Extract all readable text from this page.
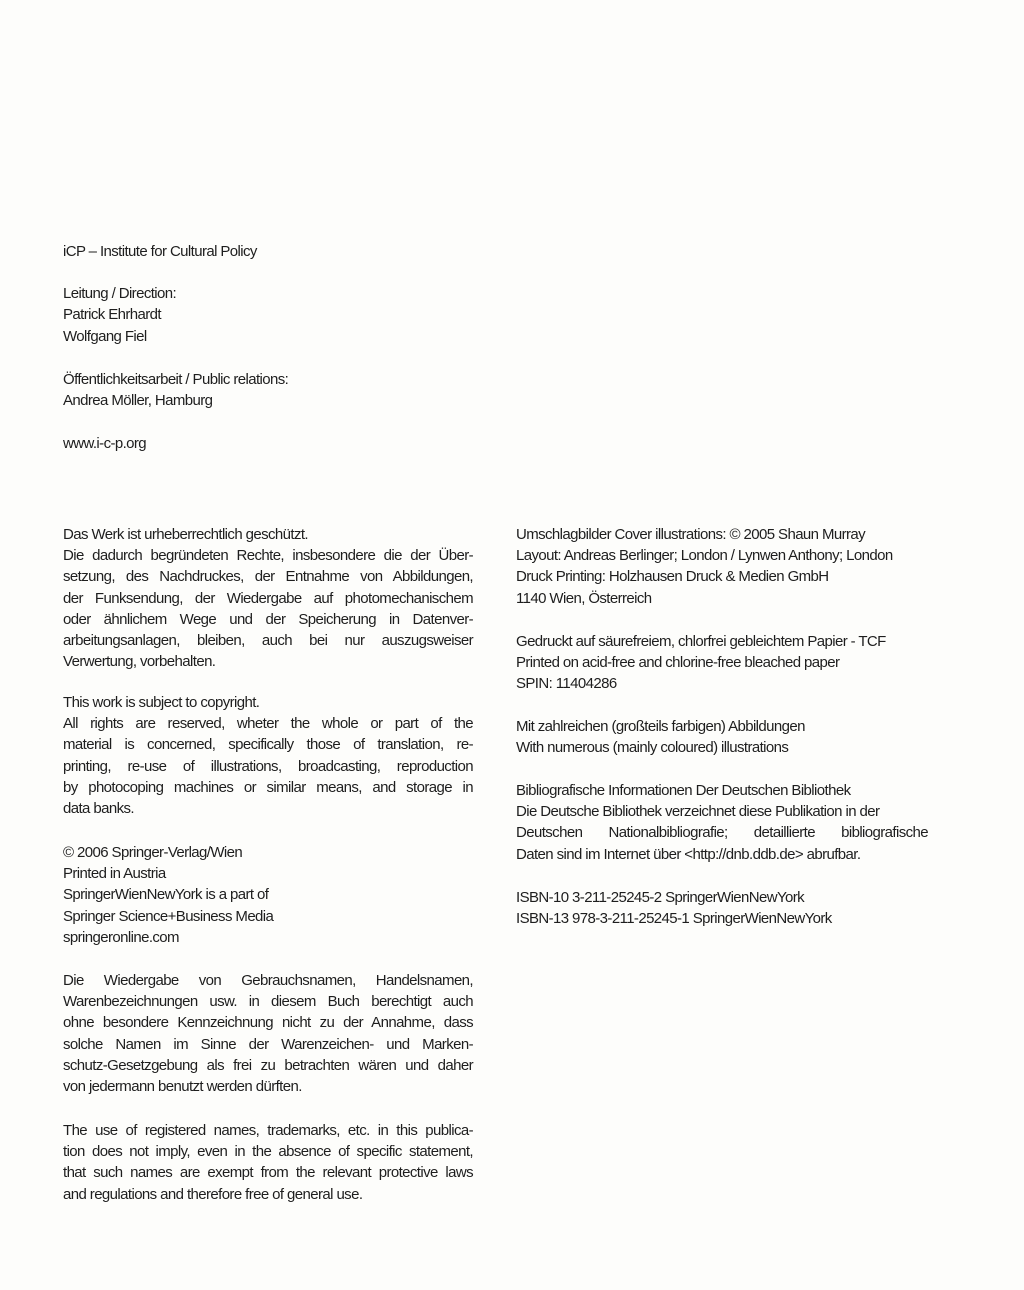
iCP – Institute for Cultural Policy
Leitung / Direction:
Patrick Ehrhardt
Wolfgang Fiel
Öffentlichkeitsarbeit / Public relations:
Andrea Möller, Hamburg
www.i-c-p.org
Das Werk ist urheberrechtlich geschützt.
Die dadurch begründeten Rechte, insbesondere die der Über-
setzung, des Nachdruckes, der Entnahme von Abbildungen,
der Funksendung, der Wiedergabe auf photomechanischem
oder ähnlichem Wege und der Speicherung in Datenver-
arbeitungsanlagen, bleiben, auch bei nur auszugsweiser
Verwertung, vorbehalten.
This work is subject to copyright.
All rights are reserved, wheter the whole or part of the
material is concerned, specifically those of translation, re-
printing, re-use of illustrations, broadcasting, reproduction
by photocoping machines or similar means, and storage in
data banks.
© 2006 Springer-Verlag/Wien
Printed in Austria
SpringerWienNewYork is a part of
Springer Science+Business Media
springeronline.com
Die Wiedergabe von Gebrauchsnamen, Handelsnamen,
Warenbezeichnungen usw. in diesem Buch berechtigt auch
ohne besondere Kennzeichnung nicht zu der Annahme, dass
solche Namen im Sinne der Warenzeichen- und Marken-
schutz-Gesetzgebung als frei zu betrachten wären und daher
von jedermann benutzt werden dürften.
The use of registered names, trademarks, etc. in this publica-
tion does not imply, even in the absence of specific statement,
that such names are exempt from the relevant protective laws
and regulations and therefore free of general use.
Umschlagbilder Cover illustrations: © 2005 Shaun Murray
Layout: Andreas Berlinger; London / Lynwen Anthony; London
Druck Printing: Holzhausen Druck & Medien GmbH
1140 Wien, Österreich
Gedruckt auf säurefreiem, chlorfrei gebleichtem Papier - TCF
Printed on acid-free and chlorine-free bleached paper
SPIN: 11404286
Mit zahlreichen (großteils farbigen) Abbildungen
With numerous (mainly coloured) illustrations
Bibliografische Informationen Der Deutschen Bibliothek
Die Deutsche Bibliothek verzeichnet diese Publikation in der
Deutschen Nationalbibliografie; detaillierte bibliografische
Daten sind im Internet über <http://dnb.ddb.de> abrufbar.
ISBN-10 3-211-25245-2 SpringerWienNewYork
ISBN-13 978-3-211-25245-1 SpringerWienNewYork
